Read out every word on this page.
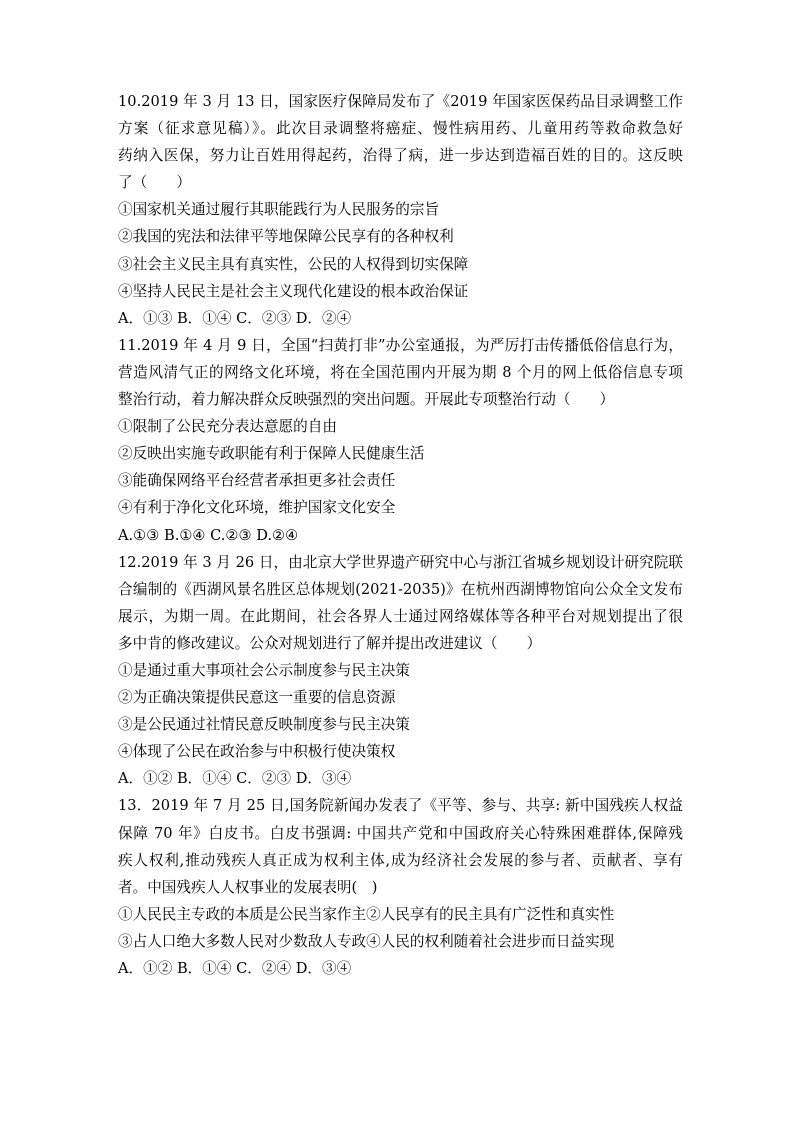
10.2019 年 3 月 13 日，国家医疗保障局发布了《2019 年国家医保药品目录调整工作
方案（征求意见稿）》。此次目录调整将癌症、慢性病用药、儿童用药等救命救急好
药纳入医保，努力让百姓用得起药，治得了病，进一步达到造福百姓的目的。这反映
了（　　）
①国家机关通过履行其职能践行为人民服务的宗旨
②我国的宪法和法律平等地保障公民享有的各种权利
③社会主义民主具有真实性，公民的人权得到切实保障
④坚持人民民主是社会主义现代化建设的根本政治保证
A．①③ B．①④ C．②③ D．②④
11.2019 年 4 月 9 日，全国“扫黄打非”办公室通报，为严厉打击传播低俗信息行为，
营造风清气正的网络文化环境，将在全国范围内开展为期 8 个月的网上低俗信息专项
整治行动，着力解决群众反映强烈的突出问题。开展此专项整治行动（　　）
①限制了公民充分表达意愿的自由
②反映出实施专政职能有利于保障人民健康生活
③能确保网络平台经营者承担更多社会责任
④有利于净化文化环境，维护国家文化安全
A.①③ B.①④ C.②③ D.②④
12.2019 年 3 月 26 日，由北京大学世界遗产研究中心与浙江省城乡规划设计研究院联
合编制的《西湖风景名胜区总体规划(2021-2035)》在杭州西湖博物馆向公众全文发布
展示，为期一周。在此期间，社会各界人士通过网络媒体等各种平台对规划提出了很
多中肯的修改建议。公众对规划进行了解并提出改进建议（　　）
①是通过重大事项社会公示制度参与民主决策
②为正确决策提供民意这一重要的信息资源
③是公民通过社情民意反映制度参与民主决策
④体现了公民在政治参与中积极行使决策权
A．①② B．①④ C．②③ D．③④
13．2019 年 7 月 25 日,国务院新闻办发表了《平等、参与、共享: 新中国残疾人权益
保障 70 年》白皮书。白皮书强调: 中国共产党和中国政府关心特殊困难群体,保障残
疾人权利,推动残疾人真正成为权利主体,成为经济社会发展的参与者、贡献者、享有
者。中国残疾人人权事业的发展表明(　)
①人民民主专政的本质是公民当家作主②人民享有的民主具有广泛性和真实性
③占人口绝大多数人民对少数敌人专政④人民的权利随着社会进步而日益实现
A．①② B．①④ C．②④ D．③④
